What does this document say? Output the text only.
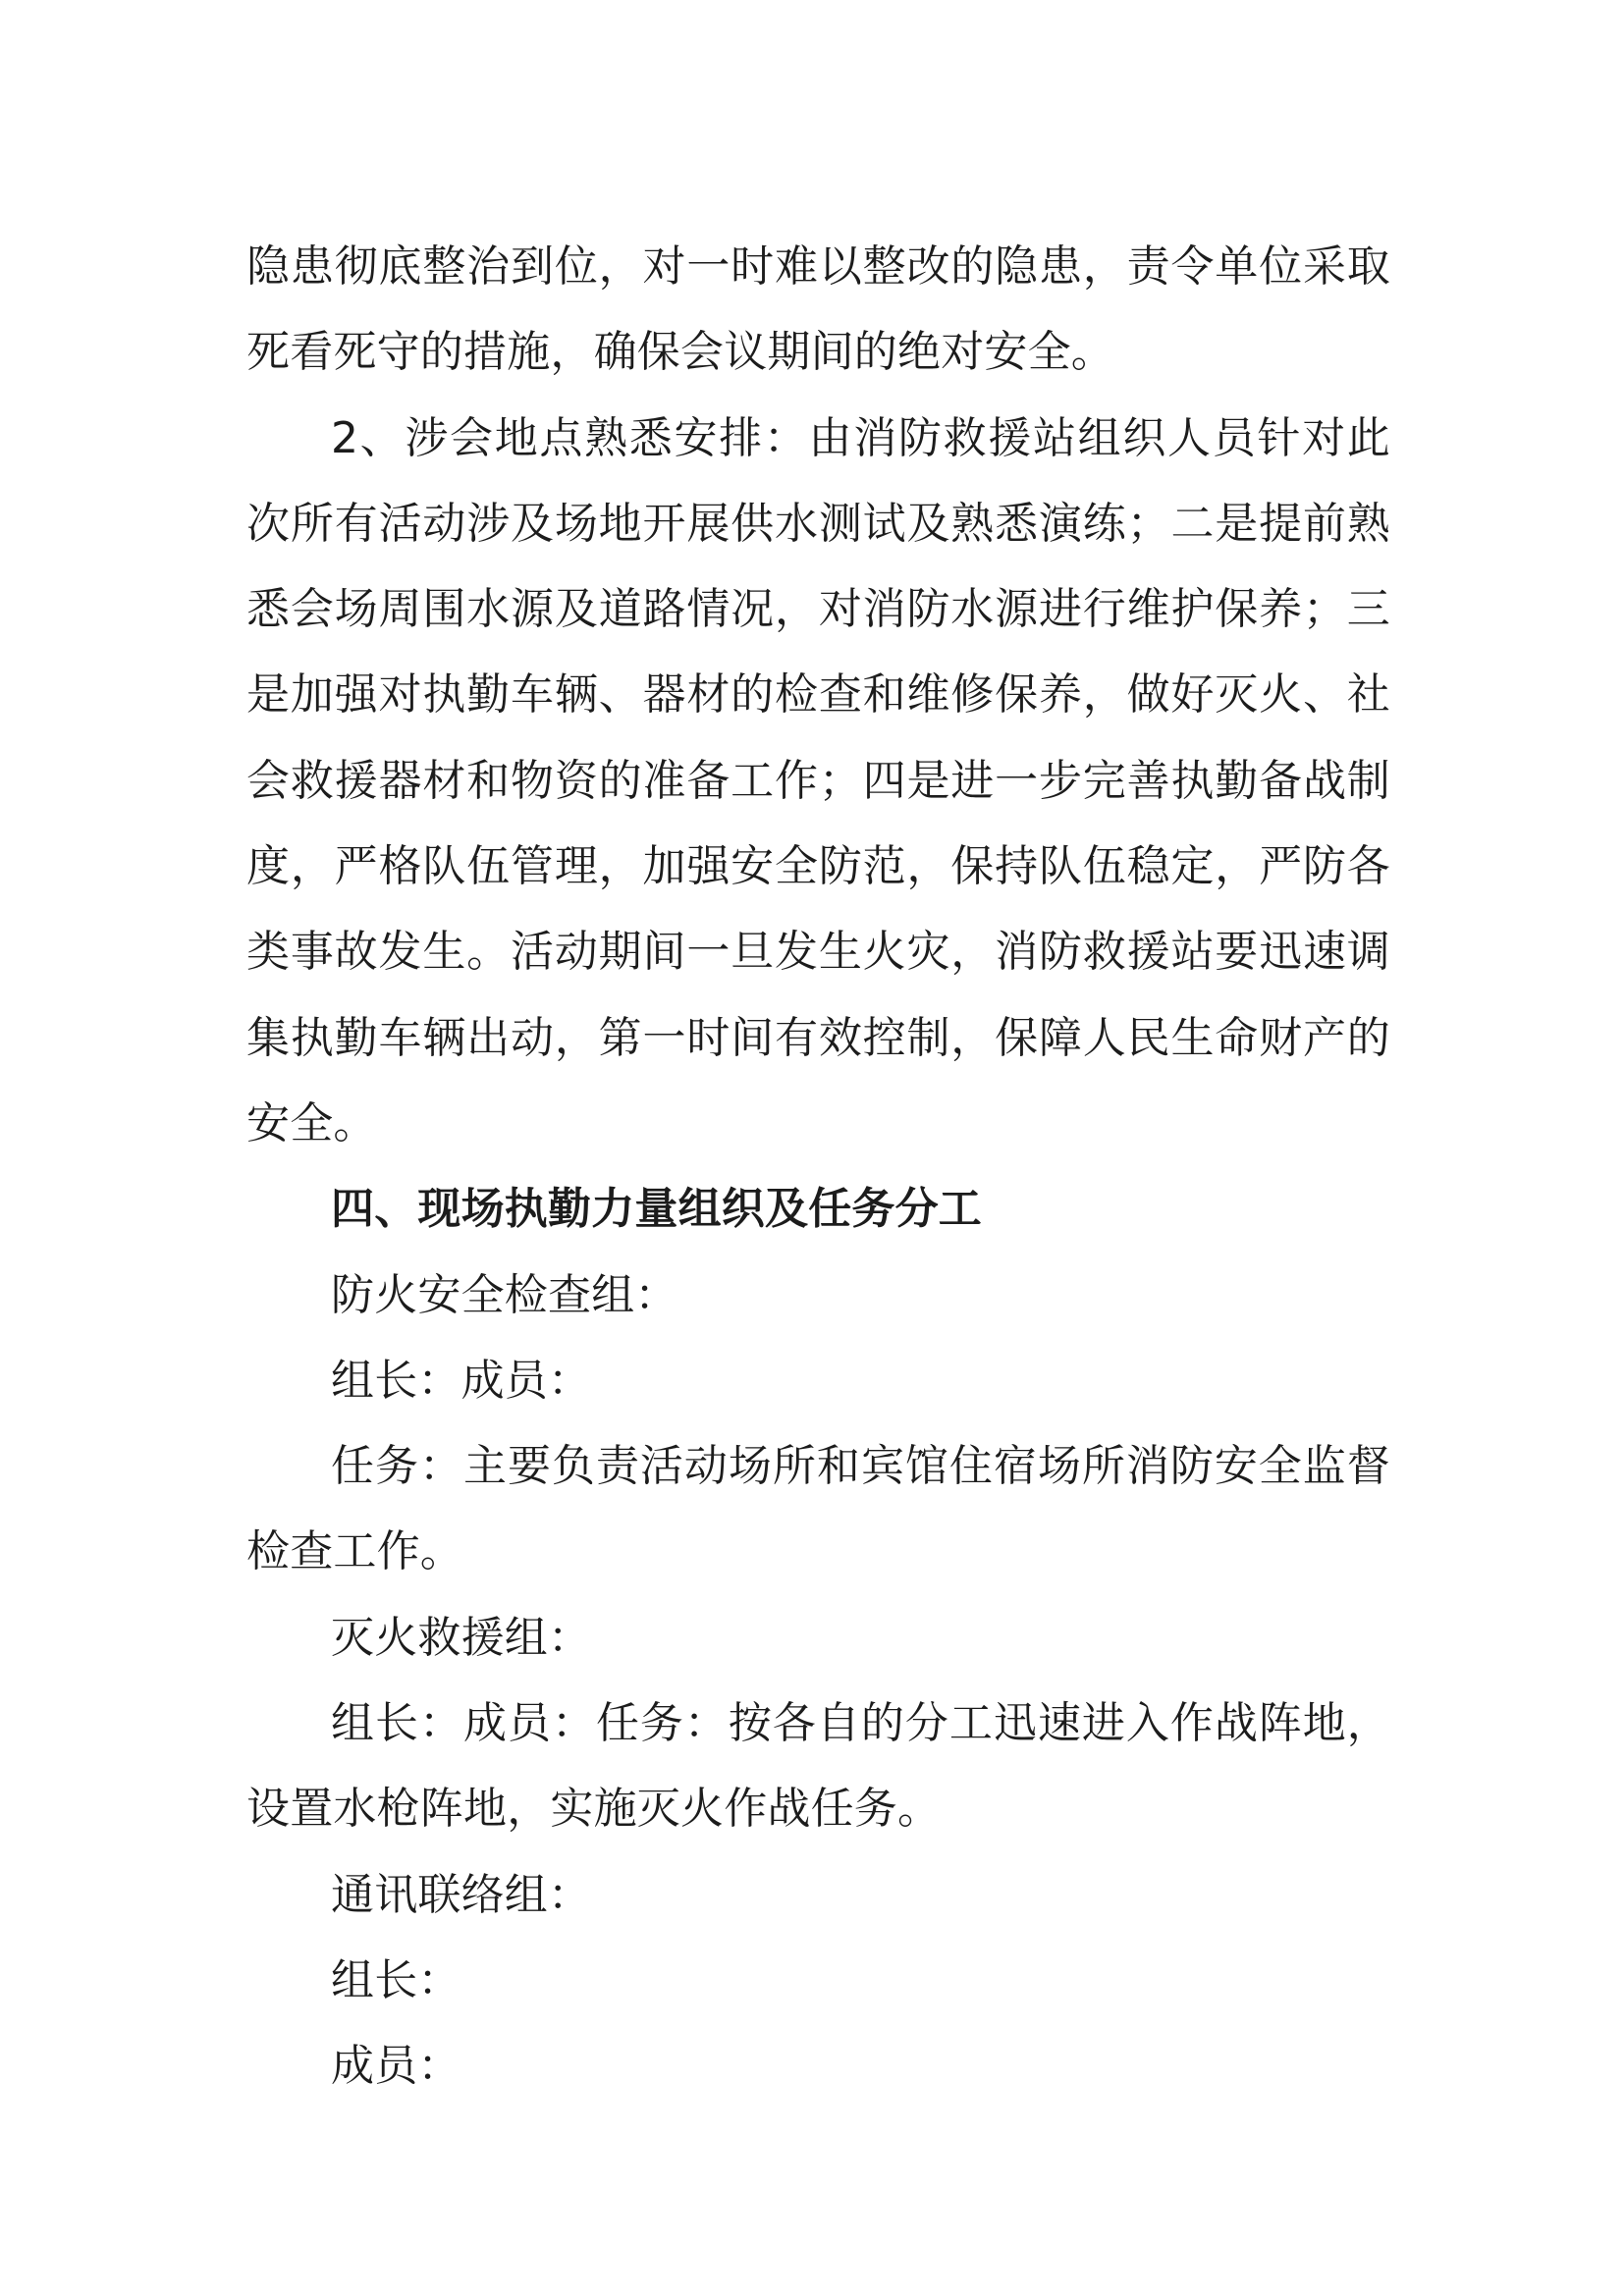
隐患彻底整治到位，对一时难以整改的隐患，责令单位采取死看死守的措施，确保会议期间的绝对安全。

2、涉会地点熟悉安排：由消防救援站组织人员针对此次所有活动涉及场地开展供水测试及熟悉演练；二是提前熟悉会场周围水源及道路情况，对消防水源进行维护保养；三是加强对执勤车辆、器材的检查和维修保养，做好灭火、社会救援器材和物资的准备工作；四是进一步完善执勤备战制度，严格队伍管理，加强安全防范，保持队伍稳定，严防各类事故发生。活动期间一旦发生火灾，消防救援站要迅速调集执勤车辆出动，第一时间有效控制，保障人民生命财产的安全。

四、现场执勤力量组织及任务分工

防火安全检查组：

组长：成员：

任务：主要负责活动场所和宾馆住宿场所消防安全监督检查工作。

灭火救援组：

组长：成员：任务：按各自的分工迅速进入作战阵地，设置水枪阵地，实施灭火作战任务。

通讯联络组：

组长：

成员：
